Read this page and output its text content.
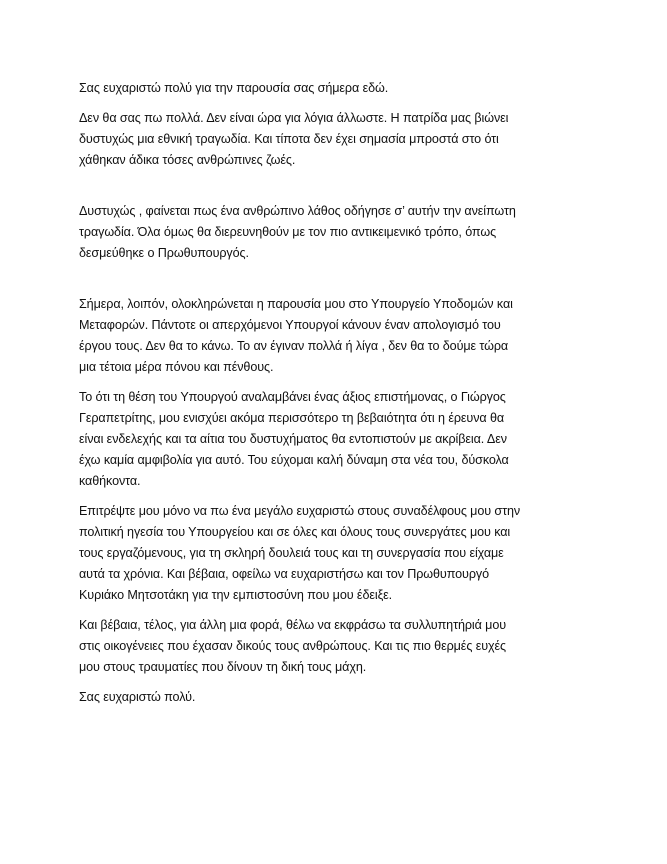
Σας ευχαριστώ πολύ για την παρουσία σας σήμερα εδώ.

Δεν θα σας πω πολλά. Δεν είναι ώρα για λόγια άλλωστε. Η πατρίδα μας βιώνει
δυστυχώς μια εθνική τραγωδία. Και τίποτα δεν έχει σημασία μπροστά στο ότι
χάθηκαν άδικα τόσες ανθρώπινες ζωές.

Δυστυχώς , φαίνεται πως ένα ανθρώπινο λάθος οδήγησε σ’ αυτήν την ανείπωτη
τραγωδία. Όλα όμως θα διερευνηθούν με τον πιο αντικειμενικό τρόπο, όπως
δεσμεύθηκε ο Πρωθυπουργός.

Σήμερα, λοιπόν, ολοκληρώνεται η παρουσία μου στο Υπουργείο Υποδομών και
Μεταφορών. Πάντοτε οι απερχόμενοι Υπουργοί κάνουν έναν απολογισμό του
έργου τους. Δεν θα το κάνω. Το αν έγιναν πολλά ή λίγα , δεν θα το δούμε τώρα
μια τέτοια μέρα πόνου και πένθους.

Το ότι τη θέση του Υπουργού αναλαμβάνει ένας άξιος επιστήμονας, ο Γιώργος
Γεραπετρίτης, μου ενισχύει ακόμα περισσότερο τη βεβαιότητα ότι η έρευνα θα
είναι ενδελεχής και τα αίτια του δυστυχήματος θα εντοπιστούν με ακρίβεια. Δεν
έχω καμία αμφιβολία για αυτό. Του εύχομαι καλή δύναμη στα νέα του, δύσκολα
καθήκοντα.

Επιτρέψτε μου μόνο να πω ένα μεγάλο ευχαριστώ στους συναδέλφους μου στην
πολιτική ηγεσία του Υπουργείου και σε όλες και όλους τους συνεργάτες μου και
τους εργαζόμενους, για τη σκληρή δουλειά τους και τη συνεργασία που είχαμε
αυτά τα χρόνια. Και βέβαια, οφείλω να ευχαριστήσω και τον Πρωθυπουργό
Κυριάκο Μητσοτάκη για την εμπιστοσύνη που μου έδειξε.

Και βέβαια, τέλος, για άλλη μια φορά, θέλω να εκφράσω τα συλλυπητήριά μου
στις οικογένειες που έχασαν δικούς τους ανθρώπους. Και τις πιο θερμές ευχές
μου στους τραυματίες που δίνουν τη δική τους μάχη.

Σας ευχαριστώ πολύ.
